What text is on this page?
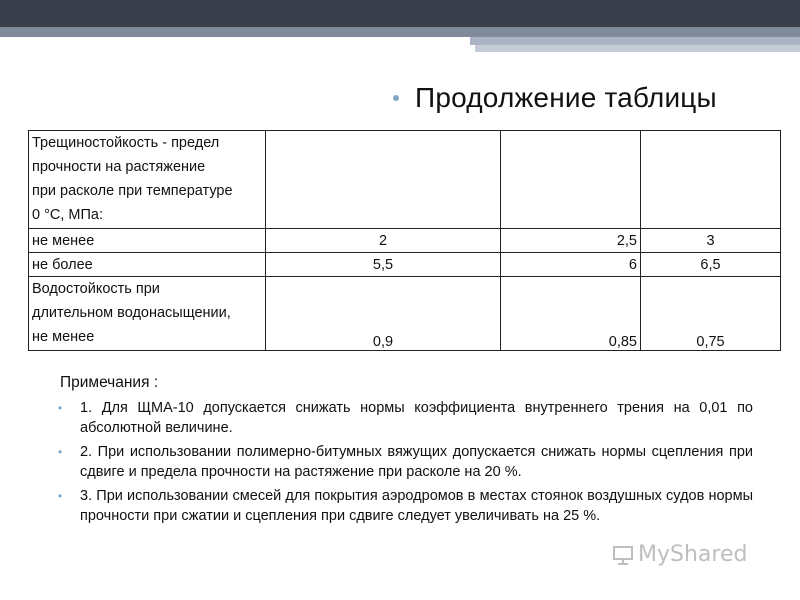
Продолжение таблицы
Трещиностойкость - предел
прочности на растяжение
при расколе при температуре
0 °С, МПа:			
не менее	2	2,5	3
не более	5,5	6	6,5
Водостойкость при
длительном водонасыщении,
не менее	0,9	0,85	0,75
Примечания :
• 1. Для ЩМА-10 допускается снижать нормы коэффициента внутреннего трения на 0,01 по абсолютной величине.
• 2. При использовании полимерно-битумных вяжущих допускается снижать нормы сцепления при сдвиге и предела прочности на растяжение при расколе на 20 %.
• 3. При использовании смесей для покрытия аэродромов в местах стоянок воздушных судов нормы прочности при сжатии и сцепления при сдвиге следует увеличивать на 25 %.
MyShared
